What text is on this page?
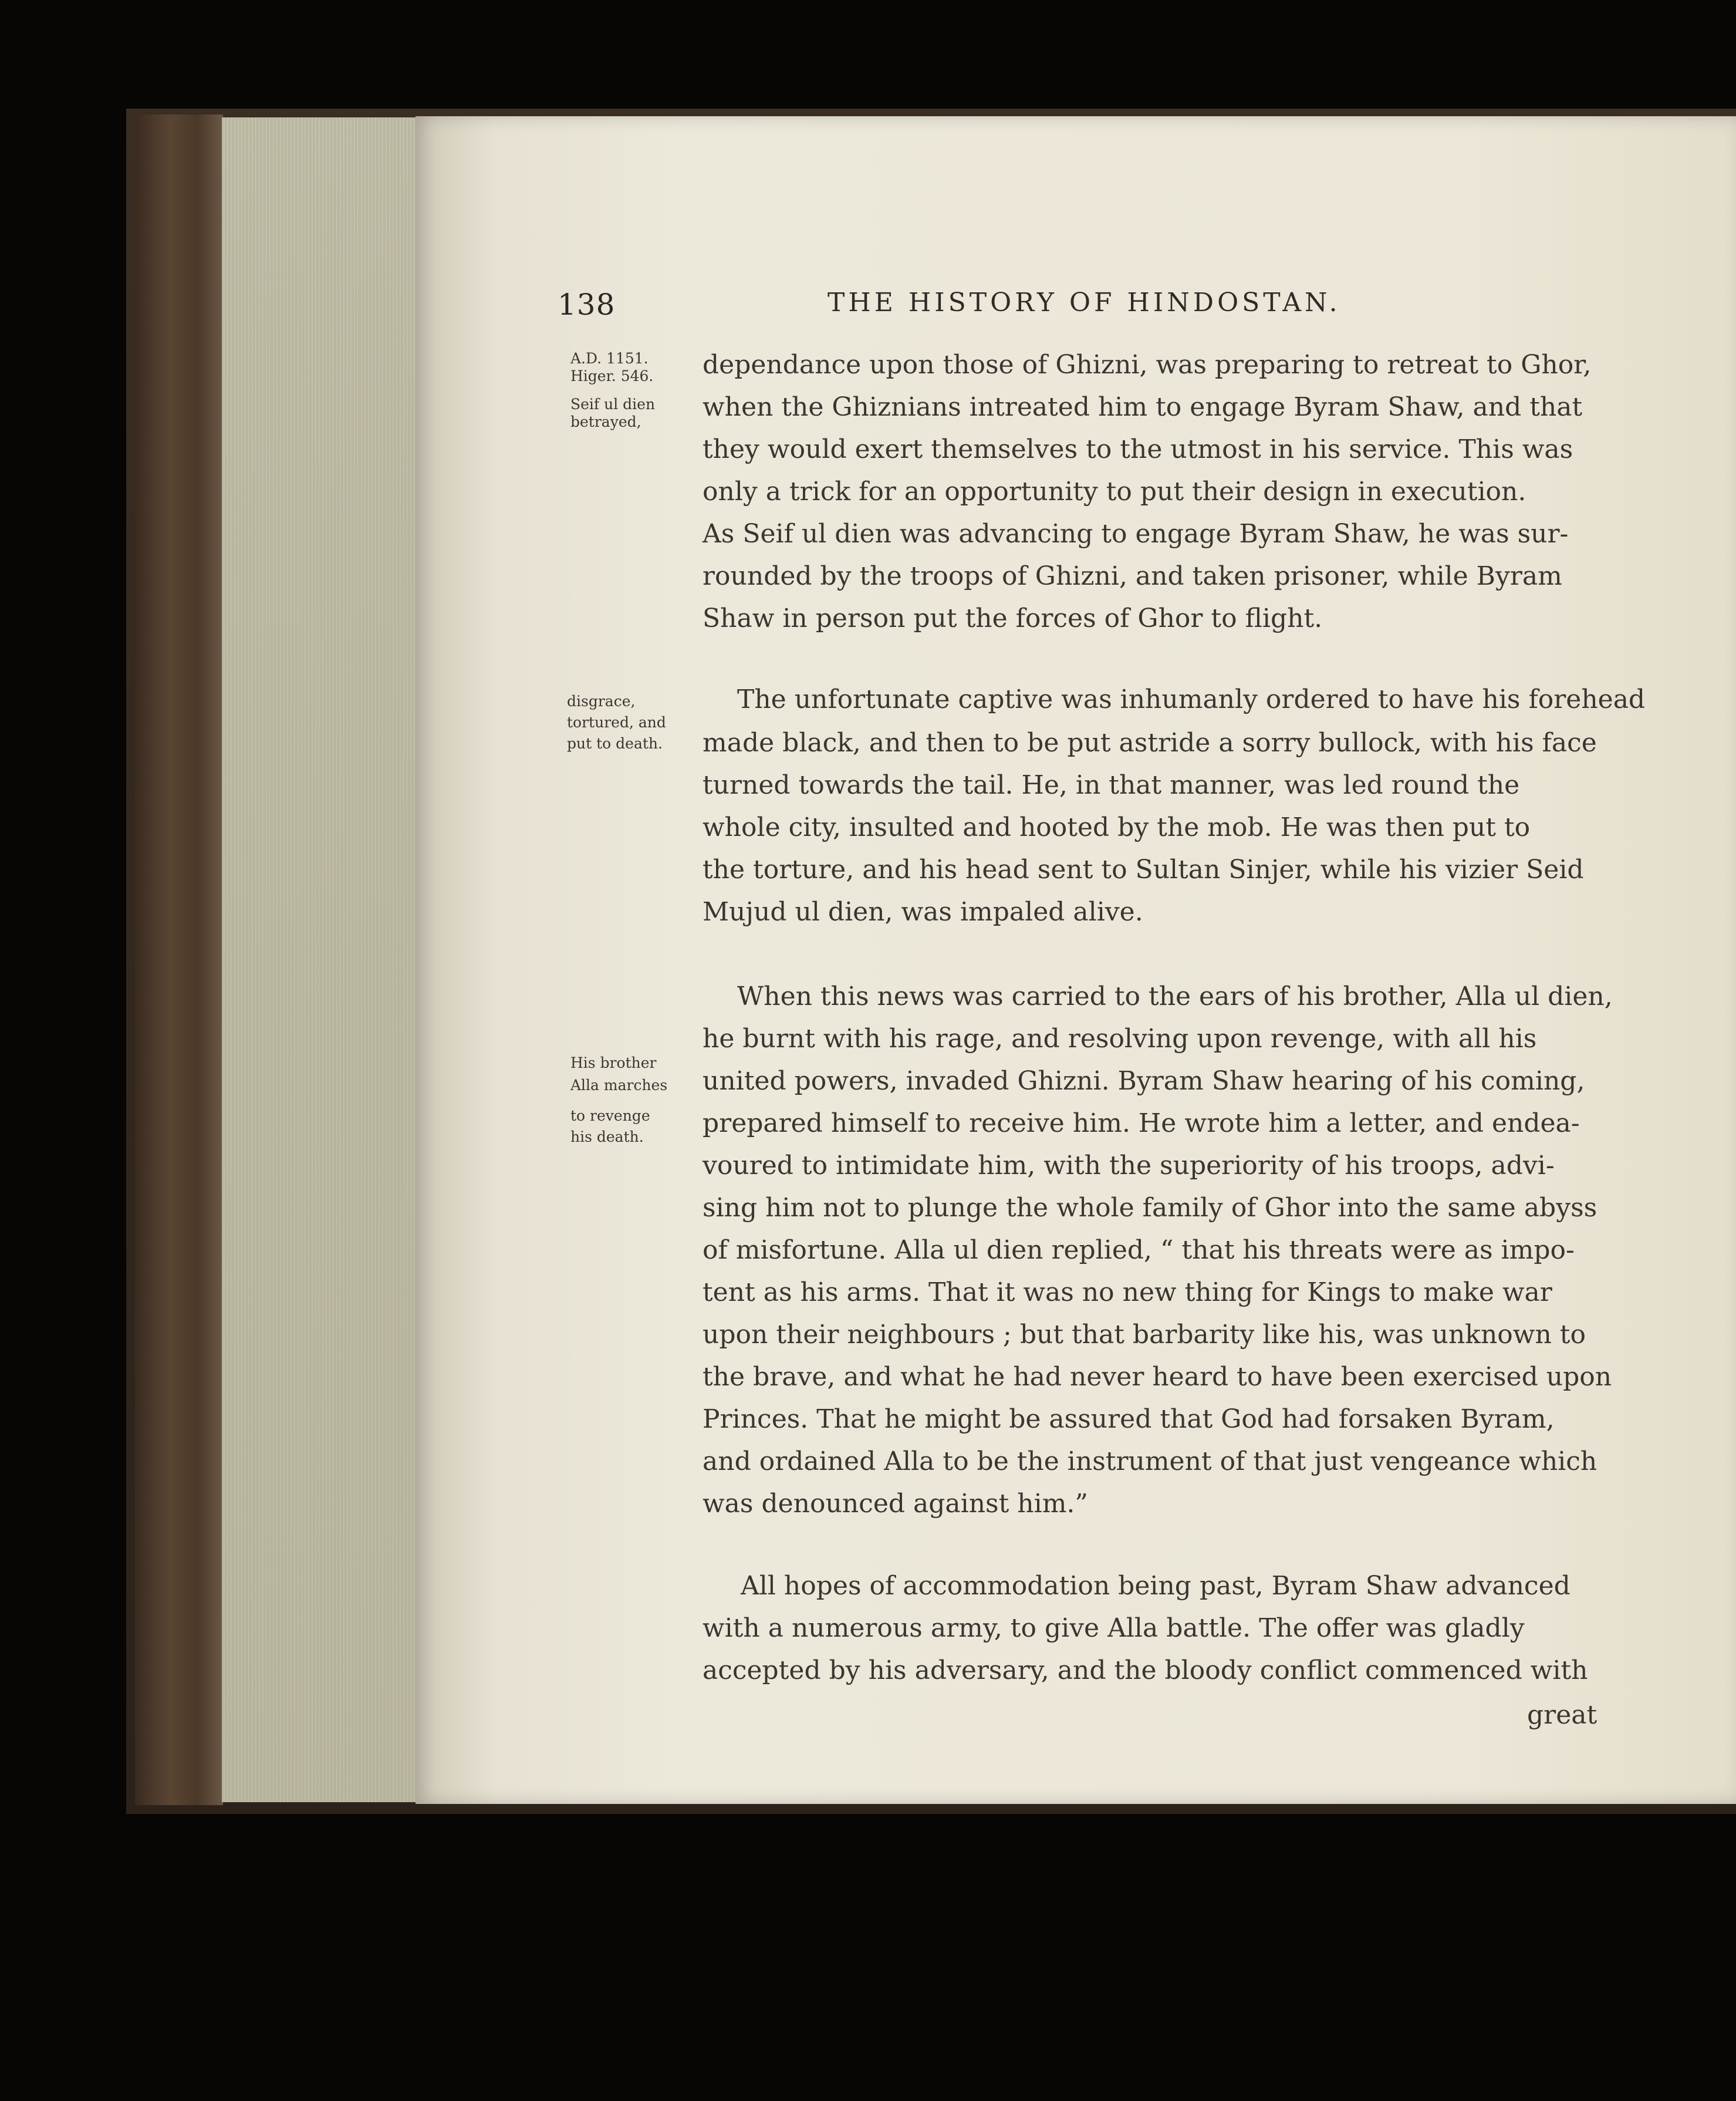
138	THE HISTORY OF HINDOSTAN.
A.D. 1151.
Higer. 546.
Seif ul dien
betrayed,
disgrace,
tortured, and
put to death.
His brother
Alla marches
to revenge
his death.
dependance upon those of Ghizni, was preparing to retreat to Ghor,
when the Ghiznians intreated him to engage Byram Shaw, and that
they would exert themselves to the utmost in his service. This was
only a trick for an opportunity to put their design in execution.
As Seif ul dien was advancing to engage Byram Shaw, he was sur-
rounded by the troops of Ghizni, and taken prisoner, while Byram
Shaw in person put the forces of Ghor to flight.
The unfortunate captive was inhumanly ordered to have his forehead
made black, and then to be put astride a sorry bullock, with his face
turned towards the tail. He, in that manner, was led round the
whole city, insulted and hooted by the mob. He was then put to
the torture, and his head sent to Sultan Sinjer, while his vizier Seid
Mujud ul dien, was impaled alive.
When this news was carried to the ears of his brother, Alla ul dien,
he burnt with his rage, and resolving upon revenge, with all his
united powers, invaded Ghizni. Byram Shaw hearing of his coming,
prepared himself to receive him. He wrote him a letter, and endea-
voured to intimidate him, with the superiority of his troops, advi-
sing him not to plunge the whole family of Ghor into the same abyss
of misfortune. Alla ul dien replied, “ that his threats were as impo-
tent as his arms. That it was no new thing for Kings to make war
upon their neighbours ; but that barbarity like his, was unknown to
the brave, and what he had never heard to have been exercised upon
Princes. That he might be assured that God had forsaken Byram,
and ordained Alla to be the instrument of that just vengeance which
was denounced against him.”
All hopes of accommodation being past, Byram Shaw advanced
with a numerous army, to give Alla battle. The offer was gladly
accepted by his adversary, and the bloody conflict commenced with
great
